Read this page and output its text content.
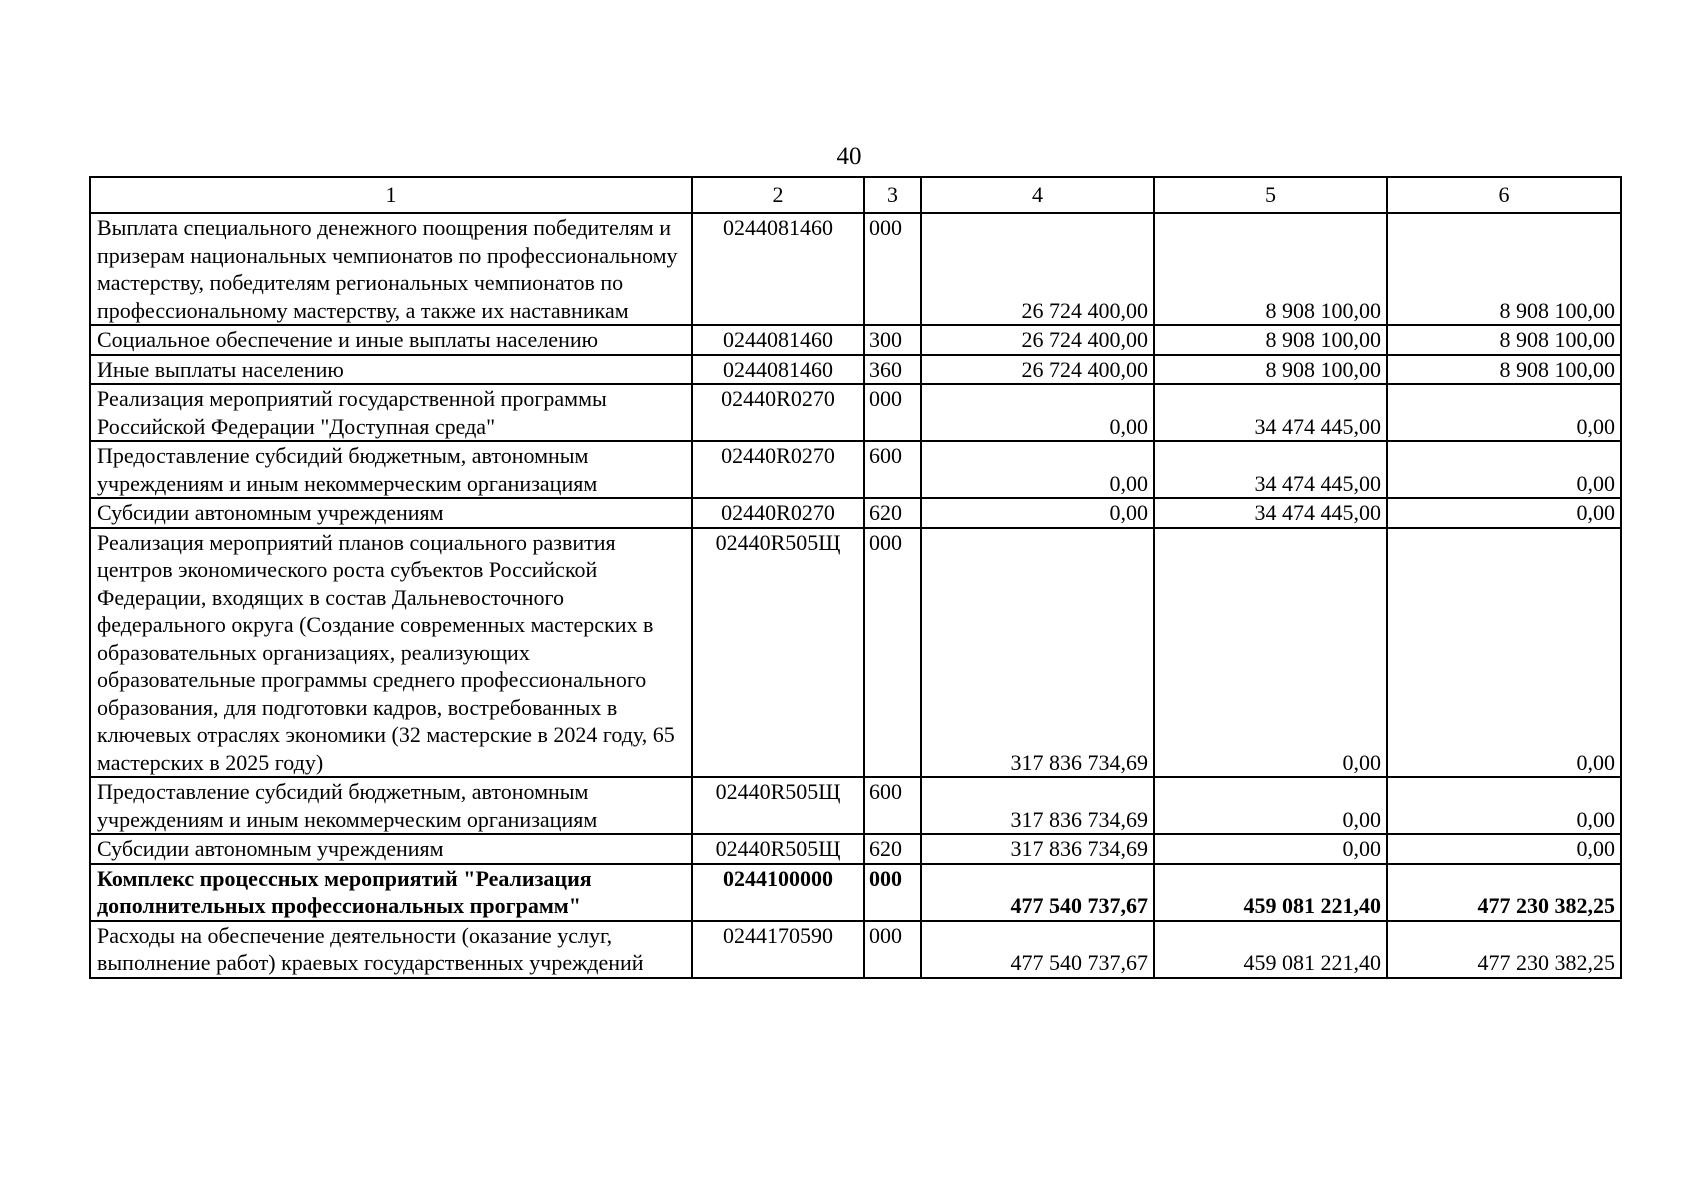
40
1	2	3	4	5	6
Выплата специального денежного поощрения победителям и призерам национальных чемпионатов по профессиональному мастерству, победителям региональных чемпионатов по профессиональному мастерству, а также их наставникам	0244081460	000	26 724 400,00	8 908 100,00	8 908 100,00
Социальное обеспечение и иные выплаты населению	0244081460	300	26 724 400,00	8 908 100,00	8 908 100,00
Иные выплаты населению	0244081460	360	26 724 400,00	8 908 100,00	8 908 100,00
Реализация мероприятий государственной программы Российской Федерации "Доступная среда"	02440R0270	000	0,00	34 474 445,00	0,00
Предоставление субсидий бюджетным, автономным учреждениям и иным некоммерческим организациям	02440R0270	600	0,00	34 474 445,00	0,00
Субсидии автономным учреждениям	02440R0270	620	0,00	34 474 445,00	0,00
Реализация мероприятий планов социального развития центров экономического роста субъектов Российской Федерации, входящих в состав Дальневосточного федерального округа (Создание современных мастерских в образовательных организациях, реализующих образовательные программы среднего профессионального образования, для подготовки кадров, востребованных в ключевых отраслях экономики (32 мастерские в 2024 году, 65 мастерских в 2025 году)	02440R505Щ	000	317 836 734,69	0,00	0,00
Предоставление субсидий бюджетным, автономным учреждениям и иным некоммерческим организациям	02440R505Щ	600	317 836 734,69	0,00	0,00
Субсидии автономным учреждениям	02440R505Щ	620	317 836 734,69	0,00	0,00
Комплекс процессных мероприятий "Реализация дополнительных профессиональных программ"	0244100000	000	477 540 737,67	459 081 221,40	477 230 382,25
Расходы на обеспечение деятельности (оказание услуг, выполнение работ) краевых государственных учреждений	0244170590	000	477 540 737,67	459 081 221,40	477 230 382,25
